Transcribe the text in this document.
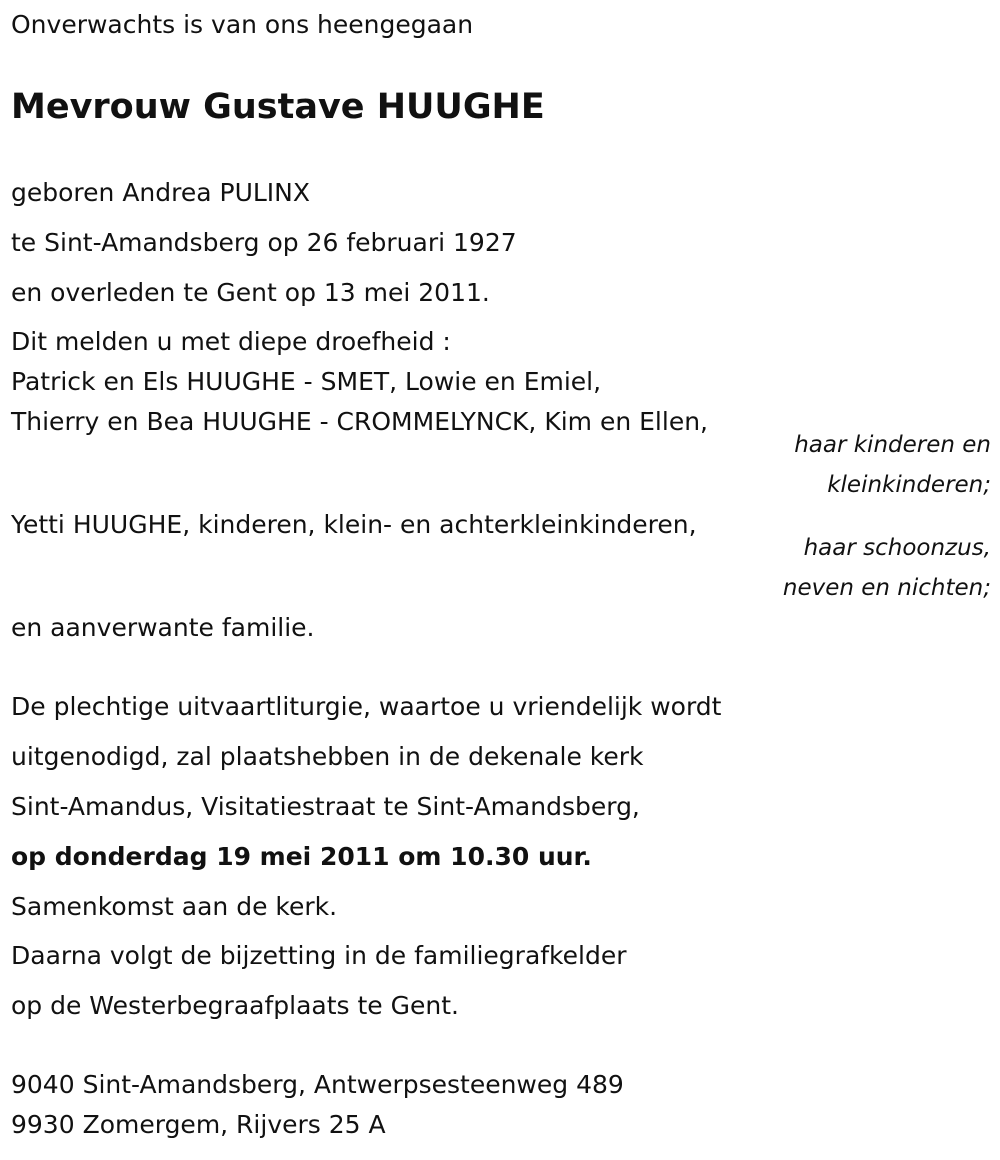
Onverwachts is van ons heengegaan
Mevrouw Gustave HUUGHE
geboren Andrea PULINX
te Sint-Amandsberg op 26 februari 1927
en overleden te Gent op 13 mei 2011.
Dit melden u met diepe droefheid :
Patrick en Els HUUGHE - SMET, Lowie en Emiel,
Thierry en Bea HUUGHE - CROMMELYNCK, Kim en Ellen,
haar kinderen en
kleinkinderen;
Yetti HUUGHE, kinderen, klein- en achterkleinkinderen,
haar schoonzus,
neven en nichten;
en aanverwante familie.
De plechtige uitvaartliturgie, waartoe u vriendelijk wordt
uitgenodigd, zal plaatshebben in de dekenale kerk
Sint-Amandus, Visitatiestraat te Sint-Amandsberg,
op donderdag 19 mei 2011 om 10.30 uur.
Samenkomst aan de kerk.
Daarna volgt de bijzetting in de familiegrafkelder
op de Westerbegraafplaats te Gent.
9040 Sint-Amandsberg, Antwerpsesteenweg 489
9930 Zomergem, Rijvers 25 A
